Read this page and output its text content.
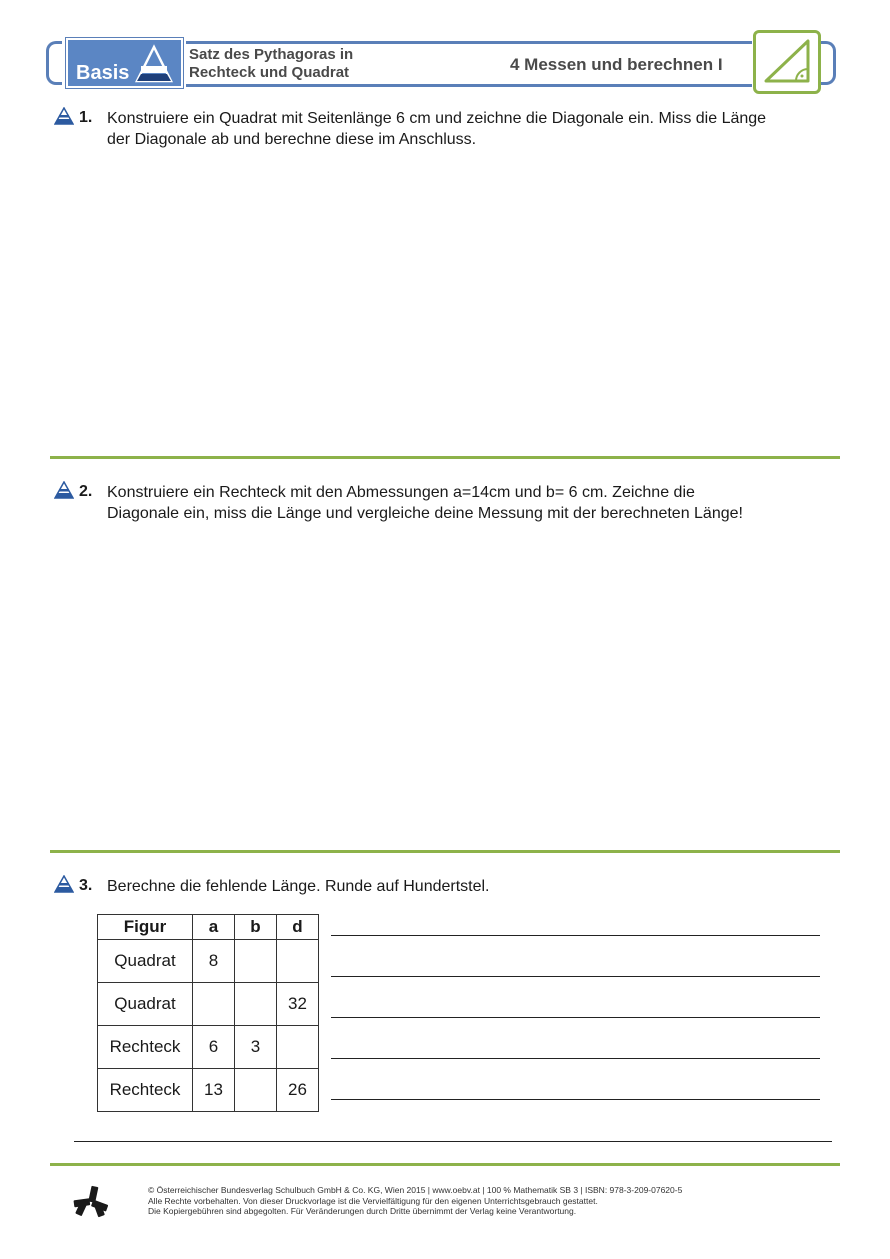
Basis
Satz des Pythagoras in
Rechteck und Quadrat	4 Messen und berechnen I
1. Konstruiere ein Quadrat mit Seitenlänge 6 cm und zeichne die Diagonale ein. Miss die Länge
der Diagonale ab und berechne diese im Anschluss.
2. Konstruiere ein Rechteck mit den Abmessungen a=14cm und b= 6 cm. Zeichne die
Diagonale ein, miss die Länge und vergleiche deine Messung mit der berechneten Länge!
3. Berechne die fehlende Länge. Runde auf Hundertstel.
Figur	a	b	d
Quadrat	8		
Quadrat			32
Rechteck	6	3	
Rechteck	13		26
© Österreichischer Bundesverlag Schulbuch GmbH & Co. KG, Wien 2015 | www.oebv.at | 100 % Mathematik SB 3 | ISBN: 978-3-209-07620-5
Alle Rechte vorbehalten. Von dieser Druckvorlage ist die Vervielfältigung für den eigenen Unterrichtsgebrauch gestattet.
Die Kopiergebühren sind abgegolten. Für Veränderungen durch Dritte übernimmt der Verlag keine Verantwortung.
